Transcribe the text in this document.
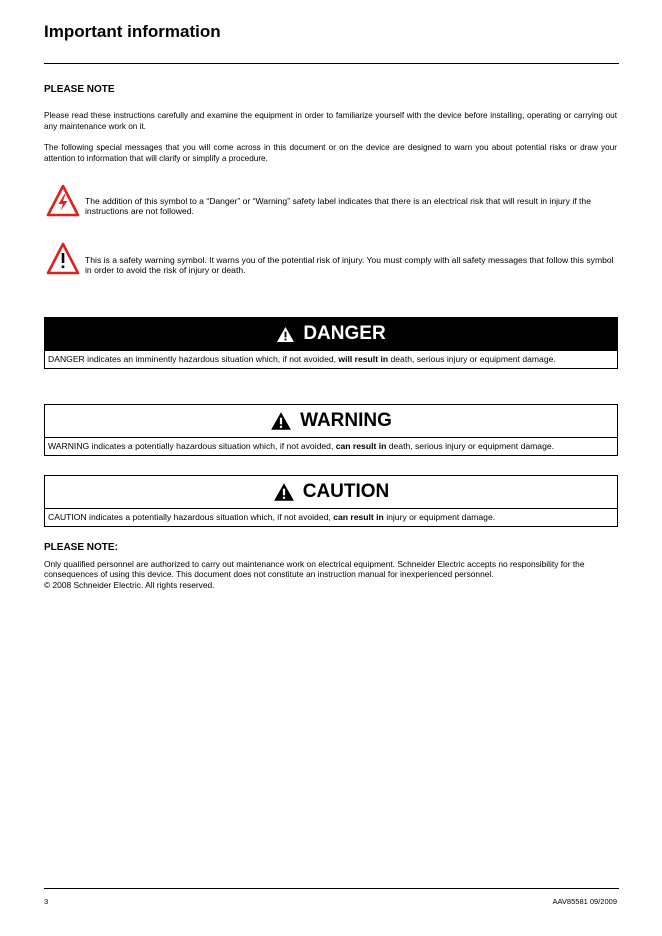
Important information
PLEASE NOTE

Please read these instructions carefully and examine the equipment in order to familiarize yourself with the device before installing, operating or carrying out any maintenance work on it.

The following special messages that you will come across in this document or on the device are designed to warn you about potential risks or draw your attention to information that will clarify or simplify a procedure.

The addition of this symbol to a “Danger” or “Warning” safety label indicates that there is an electrical risk that will result in injury if the instructions are not followed.

This is a safety warning symbol. It warns you of the potential risk of injury. You must comply with all safety messages that follow this symbol in order to avoid the risk of injury or death.

DANGER
DANGER indicates an imminently hazardous situation which, if not avoided, will result in death, serious injury or equipment damage.
WARNING
WARNING indicates a potentially hazardous situation which, if not avoided, can result in death, serious injury or equipment damage.
CAUTION
CAUTION indicates a potentially hazardous situation which, if not avoided, can result in injury or equipment damage.
PLEASE NOTE:

Only qualified personnel are authorized to carry out maintenance work on electrical equipment. Schneider Electric accepts no responsibility for the consequences of using this device. This document does not constitute an instruction manual for inexperienced personnel.
© 2008 Schneider Electric. All rights reserved.

3	AAV85581 09/2009
